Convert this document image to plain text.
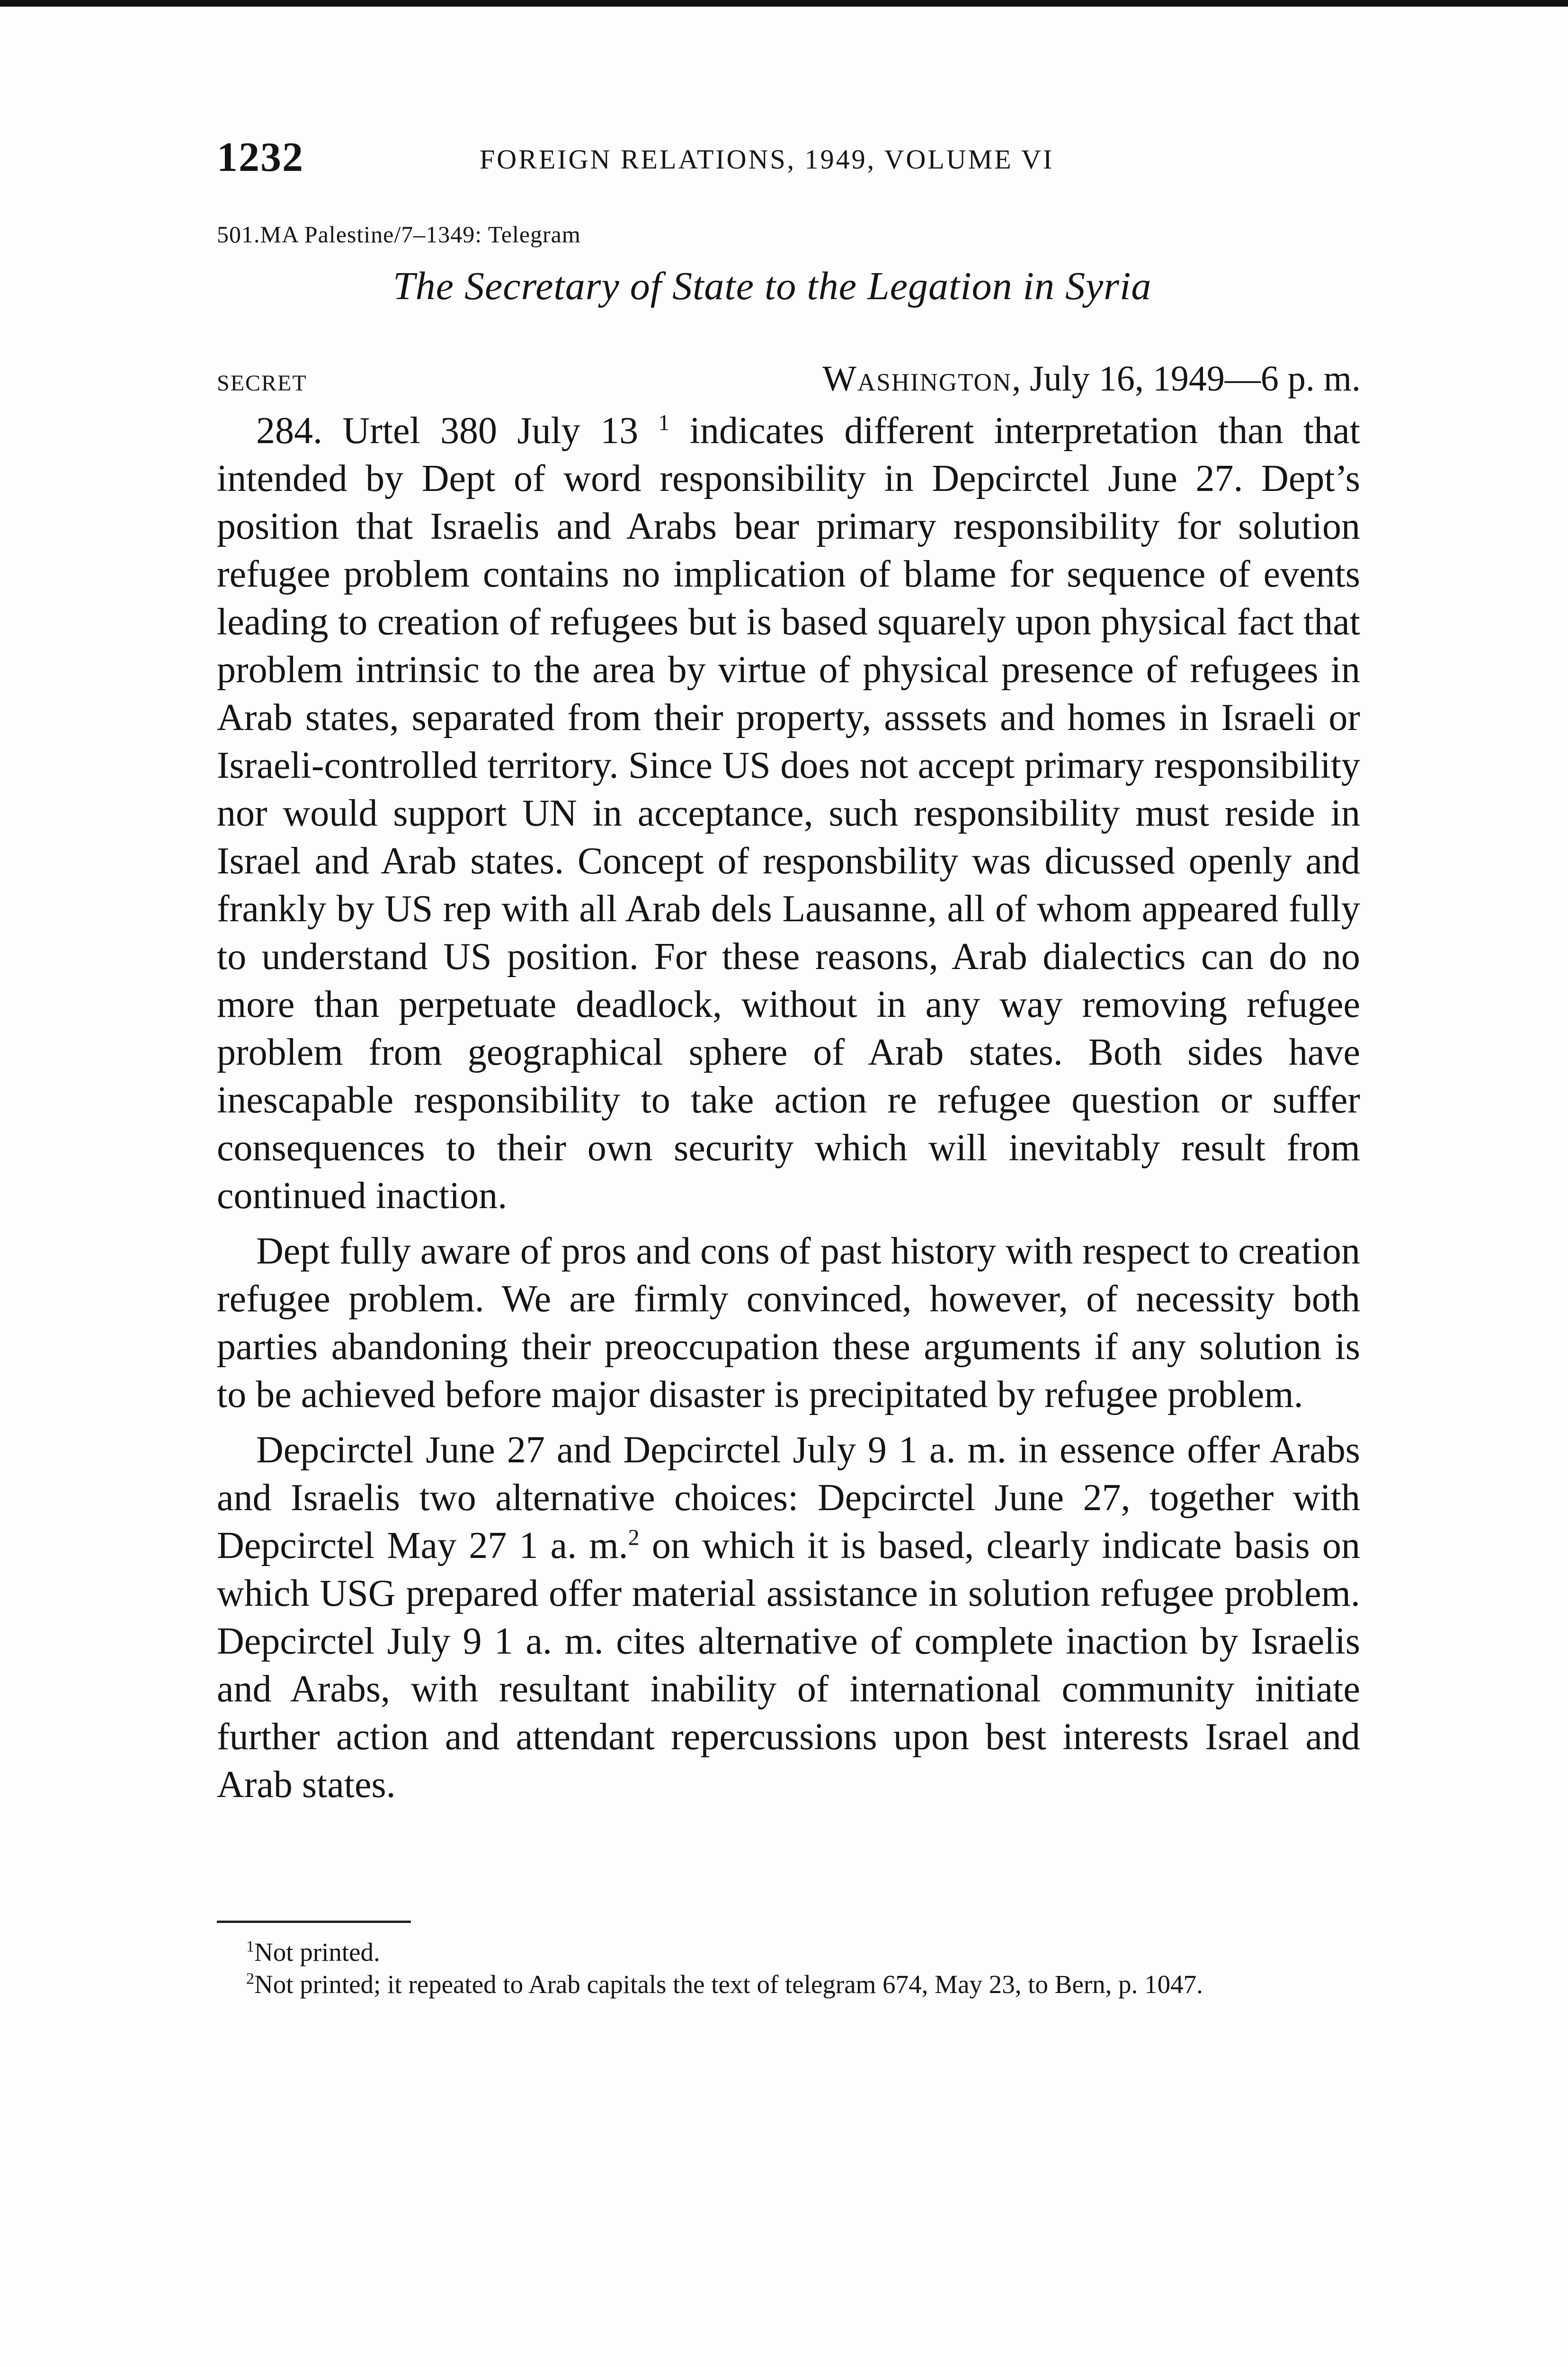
1232	FOREIGN RELATIONS, 1949, VOLUME VI
501.MA Palestine/7–1349: Telegram
The Secretary of State to the Legation in Syria
SECRET	Washington, July 16, 1949—6 p. m.

284. Urtel 380 July 13 $^1$ indicates different interpretation than that intended by Dept of word responsibility in Depcirctel June 27. Dept’s position that Israelis and Arabs bear primary responsibility for solution refugee problem contains no implication of blame for sequence of events leading to creation of refugees but is based squarely upon physical fact that problem intrinsic to the area by virtue of physical presence of refugees in Arab states, separated from their property, asssets and homes in Israeli or Israeli-controlled territory. Since US does not accept primary responsibility nor would support UN in acceptance, such responsibility must reside in Israel and Arab states. Concept of responsbility was dicussed openly and frankly by US rep with all Arab dels Lausanne, all of whom appeared fully to understand US position. For these reasons, Arab dialectics can do no more than perpetuate deadlock, without in any way removing refugee problem from geographical sphere of Arab states. Both sides have inescapable responsibility to take action re refugee question or suffer consequences to their own security which will inevitably result from continued inaction.

Dept fully aware of pros and cons of past history with respect to creation refugee problem. We are firmly convinced, however, of necessity both parties abandoning their preoccupation these arguments if any solution is to be achieved before major disaster is precipitated by refugee problem.

Depcirctel June 27 and Depcirctel July 9 1 a. m. in essence offer Arabs and Israelis two alternative choices: Depcirctel June 27, together with Depcirctel May 27 1 a. m.$^2$ on which it is based, clearly indicate basis on which USG prepared offer material assistance in solution refugee problem. Depcirctel July 9 1 a. m. cites alternative of complete inaction by Israelis and Arabs, with resultant inability of international community initiate further action and attendant repercussions upon best interests Israel and Arab states.

$^1$Not printed.

$^2$Not printed; it repeated to Arab capitals the text of telegram 674, May 23, to Bern, p. 1047.
